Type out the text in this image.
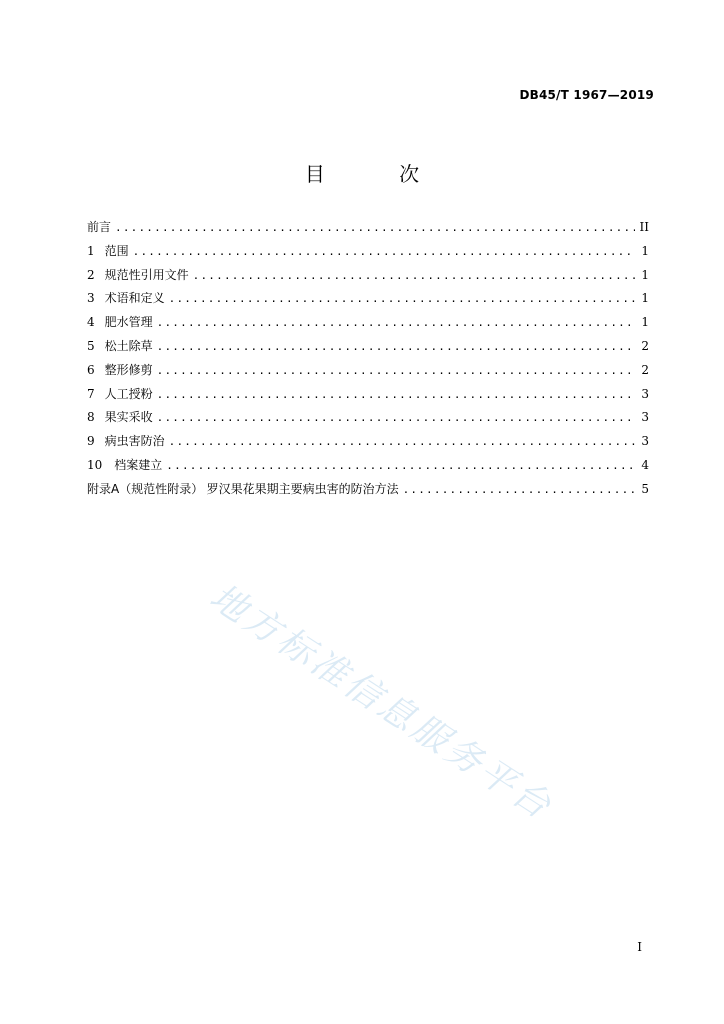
DB45/T 1967—2019
目 次
前言 .....	II
1 范围 .....	1
2 规范性引用文件 .....	1
3 术语和定义 .....	1
4 肥水管理 .....	1
5 松土除草 .....	2
6 整形修剪 .....	2
7 人工授粉 .....	3
8 果实采收 .....	3
9 病虫害防治 .....	3
10 档案建立 .....	4
附录A（规范性附录） 罗汉果花果期主要病虫害的防治方法 .....	5
地方标准信息服务平台
I
